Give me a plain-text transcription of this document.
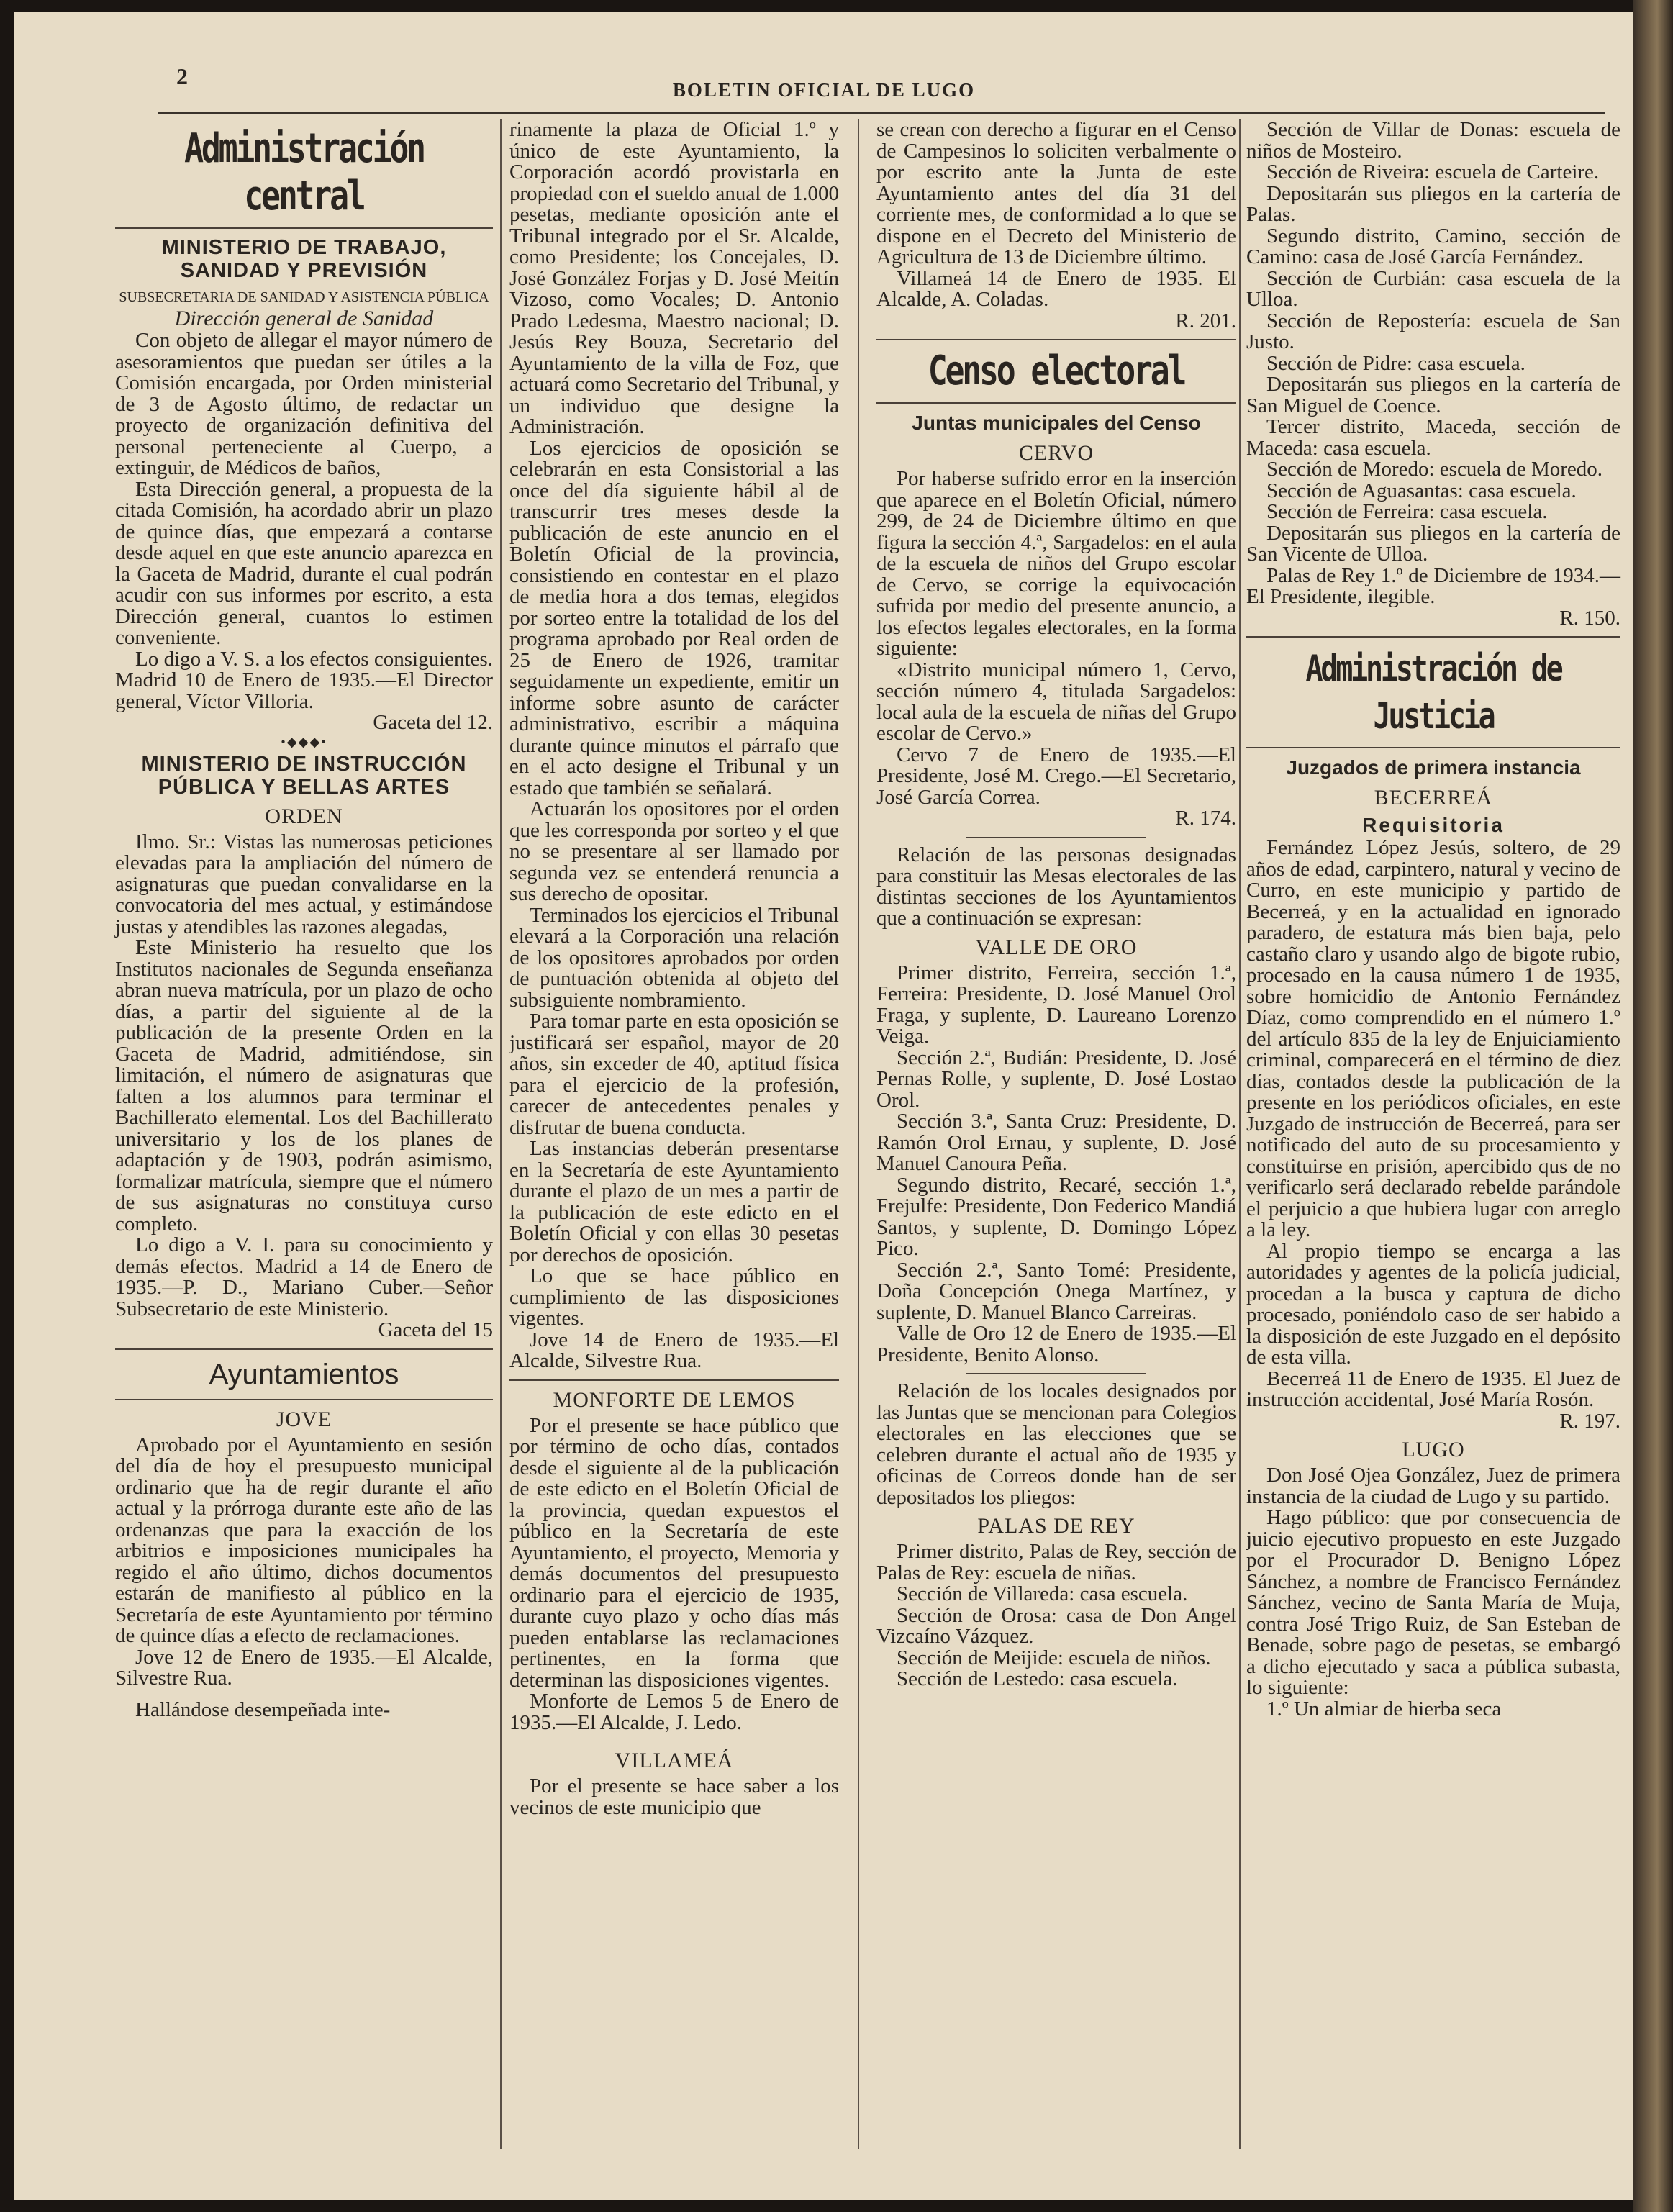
2
BOLETIN OFICIAL DE LUGO
Administración central
MINISTERIO DE TRABAJO, SANIDAD Y PREVISIÓN
SUBSECRETARIA DE SANIDAD Y ASISTENCIA PÚBLICA
Dirección general de Sanidad

Con objeto de allegar el mayor número de asesoramientos que puedan ser útiles a la Comisión encargada, por Orden ministerial de 3 de Agosto último, de redactar un proyecto de organización definitiva del personal perteneciente al Cuerpo, a extinguir, de Médicos de baños,

Esta Dirección general, a propuesta de la citada Comisión, ha acordado abrir un plazo de quince días, que empezará a contarse desde aquel en que este anuncio aparezca en la Gaceta de Madrid, durante el cual podrán acudir con sus informes por escrito, a esta Dirección general, cuantos lo estimen conveniente.

Lo digo a V. S. a los efectos consiguientes. Madrid 10 de Enero de 1935.—El Director general, Víctor Villoria.

Gaceta del 12.
——•◆◆◆•——
MINISTERIO DE INSTRUCCIÓN PÚBLICA Y BELLAS ARTES
ORDEN

Ilmo. Sr.: Vistas las numerosas peticiones elevadas para la ampliación del número de asignaturas que puedan convalidarse en la convocatoria del mes actual, y estimándose justas y atendibles las razones alegadas,

Este Ministerio ha resuelto que los Institutos nacionales de Segunda enseñanza abran nueva matrícula, por un plazo de ocho días, a partir del siguiente al de la publicación de la presente Orden en la Gaceta de Madrid, admitiéndose, sin limitación, el número de asignaturas que falten a los alumnos para terminar el Bachillerato elemental. Los del Bachillerato universitario y los de los planes de adaptación y de 1903, podrán asimismo, formalizar matrícula, siempre que el número de sus asignaturas no constituya curso completo.

Lo digo a V. I. para su conocimiento y demás efectos. Madrid a 14 de Enero de 1935.—P. D., Mariano Cuber.—Señor Subsecretario de este Ministerio.

Gaceta del 15
Ayuntamientos
JOVE

Aprobado por el Ayuntamiento en sesión del día de hoy el presupuesto municipal ordinario que ha de regir durante el año actual y la prórroga durante este año de las ordenanzas que para la exacción de los arbitrios e imposiciones municipales ha regido el año último, dichos documentos estarán de manifiesto al público en la Secretaría de este Ayuntamiento por término de quince días a efecto de reclamaciones.

Jove 12 de Enero de 1935.—El Alcalde, Silvestre Rua.

Hallándose desempeñada inte-

rinamente la plaza de Oficial 1.º y único de este Ayuntamiento, la Corporación acordó provistarla en propiedad con el sueldo anual de 1.000 pesetas, mediante oposición ante el Tribunal integrado por el Sr. Alcalde, como Presidente; los Concejales, D. José González Forjas y D. José Meitín Vizoso, como Vocales; D. Antonio Prado Ledesma, Maestro nacional; D. Jesús Rey Bouza, Secretario del Ayuntamiento de la villa de Foz, que actuará como Secretario del Tribunal, y un individuo que designe la Administración.

Los ejercicios de oposición se celebrarán en esta Consistorial a las once del día siguiente hábil al de transcurrir tres meses desde la publicación de este anuncio en el Boletín Oficial de la provincia, consistiendo en contestar en el plazo de media hora a dos temas, elegidos por sorteo entre la totalidad de los del programa aprobado por Real orden de 25 de Enero de 1926, tramitar seguidamente un expediente, emitir un informe sobre asunto de carácter administrativo, escribir a máquina durante quince minutos el párrafo que en el acto designe el Tribunal y un estado que también se señalará.

Actuarán los opositores por el orden que les corresponda por sorteo y el que no se presentare al ser llamado por segunda vez se entenderá renuncia a sus derecho de opositar.

Terminados los ejercicios el Tribunal elevará a la Corporación una relación de los opositores aprobados por orden de puntuación obtenida al objeto del subsiguiente nombramiento.

Para tomar parte en esta oposición se justificará ser español, mayor de 20 años, sin exceder de 40, aptitud física para el ejercicio de la profesión, carecer de antecedentes penales y disfrutar de buena conducta.

Las instancias deberán presentarse en la Secretaría de este Ayuntamiento durante el plazo de un mes a partir de la publicación de este edicto en el Boletín Oficial y con ellas 30 pesetas por derechos de oposición.

Lo que se hace público en cumplimiento de las disposiciones vigentes.

Jove 14 de Enero de 1935.—El Alcalde, Silvestre Rua.

MONFORTE DE LEMOS

Por el presente se hace público que por término de ocho días, contados desde el siguiente al de la publicación de este edicto en el Boletín Oficial de la provincia, quedan expuestos el público en la Secretaría de este Ayuntamiento, el proyecto, Memoria y demás documentos del presupuesto ordinario para el ejercicio de 1935, durante cuyo plazo y ocho días más pueden entablarse las reclamaciones pertinentes, en la forma que determinan las disposiciones vigentes.

Monforte de Lemos 5 de Enero de 1935.—El Alcalde, J. Ledo.

VILLAMEÁ

Por el presente se hace saber a los vecinos de este municipio que

se crean con derecho a figurar en el Censo de Campesinos lo soliciten verbalmente o por escrito ante la Junta de este Ayuntamiento antes del día 31 del corriente mes, de conformidad a lo que se dispone en el Decreto del Ministerio de Agricultura de 13 de Diciembre último.

Villameá 14 de Enero de 1935. El Alcalde, A. Coladas.

R. 201.
Censo electoral
Juntas municipales del Censo
CERVO

Por haberse sufrido error en la inserción que aparece en el Boletín Oficial, número 299, de 24 de Diciembre último en que figura la sección 4.ª, Sargadelos: en el aula de la escuela de niños del Grupo escolar de Cervo, se corrige la equivocación sufrida por medio del presente anuncio, a los efectos legales electorales, en la forma siguiente:

«Distrito municipal número 1, Cervo, sección número 4, titulada Sargadelos: local aula de la escuela de niñas del Grupo escolar de Cervo.»

Cervo 7 de Enero de 1935.—El Presidente, José M. Crego.—El Secretario, José García Correa.

R. 174.

Relación de las personas designadas para constituir las Mesas electorales de las distintas secciones de los Ayuntamientos que a continuación se expresan:

VALLE DE ORO

Primer distrito, Ferreira, sección 1.ª, Ferreira: Presidente, D. José Manuel Orol Fraga, y suplente, D. Laureano Lorenzo Veiga.

Sección 2.ª, Budián: Presidente, D. José Pernas Rolle, y suplente, D. José Lostao Orol.

Sección 3.ª, Santa Cruz: Presidente, D. Ramón Orol Ernau, y suplente, D. José Manuel Canoura Peña.

Segundo distrito, Recaré, sección 1.ª, Frejulfe: Presidente, Don Federico Mandiá Santos, y suplente, D. Domingo López Pico.

Sección 2.ª, Santo Tomé: Presidente, Doña Concepción Onega Martínez, y suplente, D. Manuel Blanco Carreiras.

Valle de Oro 12 de Enero de 1935.—El Presidente, Benito Alonso.

Relación de los locales designados por las Juntas que se mencionan para Colegios electorales en las elecciones que se celebren durante el actual año de 1935 y oficinas de Correos donde han de ser depositados los pliegos:

PALAS DE REY

Primer distrito, Palas de Rey, sección de Palas de Rey: escuela de niñas.

Sección de Villareda: casa escuela.

Sección de Orosa: casa de Don Angel Vizcaíno Vázquez.

Sección de Meijide: escuela de niños.

Sección de Lestedo: casa escuela.

Sección de Villar de Donas: escuela de niños de Mosteiro.

Sección de Riveira: escuela de Carteire.

Depositarán sus pliegos en la cartería de Palas.

Segundo distrito, Camino, sección de Camino: casa de José García Fernández.

Sección de Curbián: casa escuela de la Ulloa.

Sección de Repostería: escuela de San Justo.

Sección de Pidre: casa escuela.

Depositarán sus pliegos en la cartería de San Miguel de Coence.

Tercer distrito, Maceda, sección de Maceda: casa escuela.

Sección de Moredo: escuela de Moredo.

Sección de Aguasantas: casa escuela.

Sección de Ferreira: casa escuela.

Depositarán sus pliegos en la cartería de San Vicente de Ulloa.

Palas de Rey 1.º de Diciembre de 1934.—El Presidente, ilegible.

R. 150.
Administración de Justicia
Juzgados de primera instancia
BECERREÁ
Requisitoria

Fernández López Jesús, soltero, de 29 años de edad, carpintero, natural y vecino de Curro, en este municipio y partido de Becerreá, y en la actualidad en ignorado paradero, de estatura más bien baja, pelo castaño claro y usando algo de bigote rubio, procesado en la causa número 1 de 1935, sobre homicidio de Antonio Fernández Díaz, como comprendido en el número 1.º del artículo 835 de la ley de Enjuiciamiento criminal, comparecerá en el término de diez días, contados desde la publicación de la presente en los periódicos oficiales, en este Juzgado de instrucción de Becerreá, para ser notificado del auto de su procesamiento y constituirse en prisión, apercibido qus de no verificarlo será declarado rebelde parándole el perjuicio a que hubiera lugar con arreglo a la ley.

Al propio tiempo se encarga a las autoridades y agentes de la policía judicial, procedan a la busca y captura de dicho procesado, poniéndolo caso de ser habido a la disposición de este Juzgado en el depósito de esta villa.

Becerreá 11 de Enero de 1935. El Juez de instrucción accidental, José María Rosón.

R. 197.
LUGO

Don José Ojea González, Juez de primera instancia de la ciudad de Lugo y su partido.

Hago público: que por consecuencia de juicio ejecutivo propuesto en este Juzgado por el Procurador D. Benigno López Sánchez, a nombre de Francisco Fernández Sánchez, vecino de Santa María de Muja, contra José Trigo Ruiz, de San Esteban de Benade, sobre pago de pesetas, se embargó a dicho ejecutado y saca a pública subasta, lo siguiente:

1.º Un almiar de hierba seca
